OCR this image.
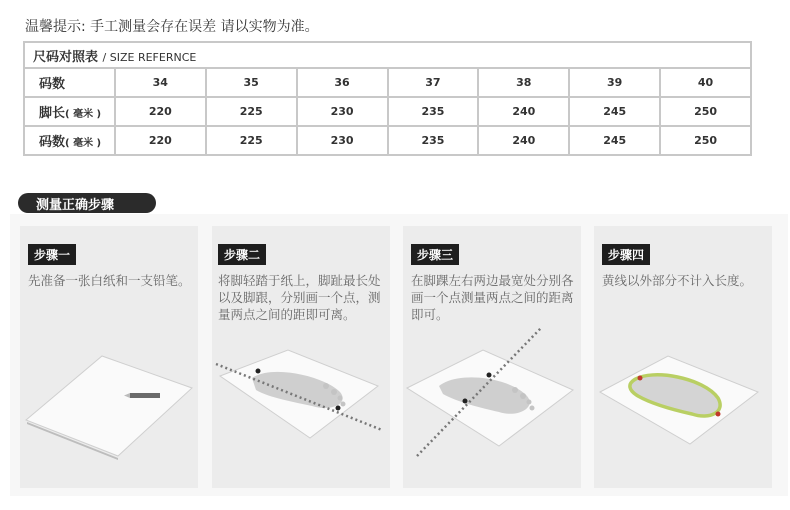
温馨提示: 手工测量会存在误差 请以实物为准。
尺码对照表 / SIZE REFERNCE							
码数	34	35	36	37	38	39	40
脚长( 毫米 )	220	225	230	235	240	245	250
码数( 毫米 )	220	225	230	235	240	245	250
测量正确步骤
步骤一
先准备一张白纸和一支铅笔。
步骤二
将脚轻踏于纸上，脚趾最长处以及脚跟，分别画一个点，测量两点之间的距即可离。
步骤三
在脚踝左右两边最宽处分别各画一个点测量两点之间的距离即可。
步骤四
黄线以外部分不计入长度。
